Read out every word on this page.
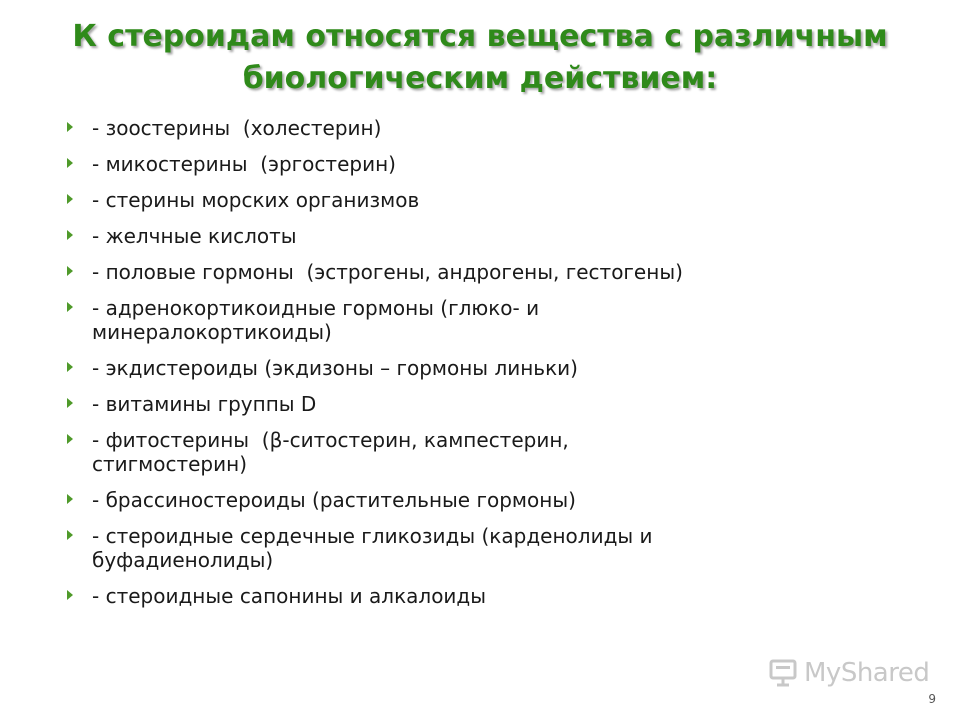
К стероидам относятся вещества с различным
биологическим действием:
- зоостерины  (холестерин)
- микостерины  (эргостерин)
- стерины морских организмов
- желчные кислоты
- половые гормоны  (эстрогены, андрогены, гестогены)
- адренокортикоидные гормоны (глюко- и
минералокортикоиды)
- экдистероиды (экдизоны – гормоны линьки)
- витамины группы D
- фитостерины  (β-ситостерин, кампестерин,
стигмостерин)
- брассиностероиды (растительные гормоны)
- стероидные сердечные гликозиды (карденолиды и
буфадиенолиды)
- стероидные сапонины и алкалоиды
MyShared
9
